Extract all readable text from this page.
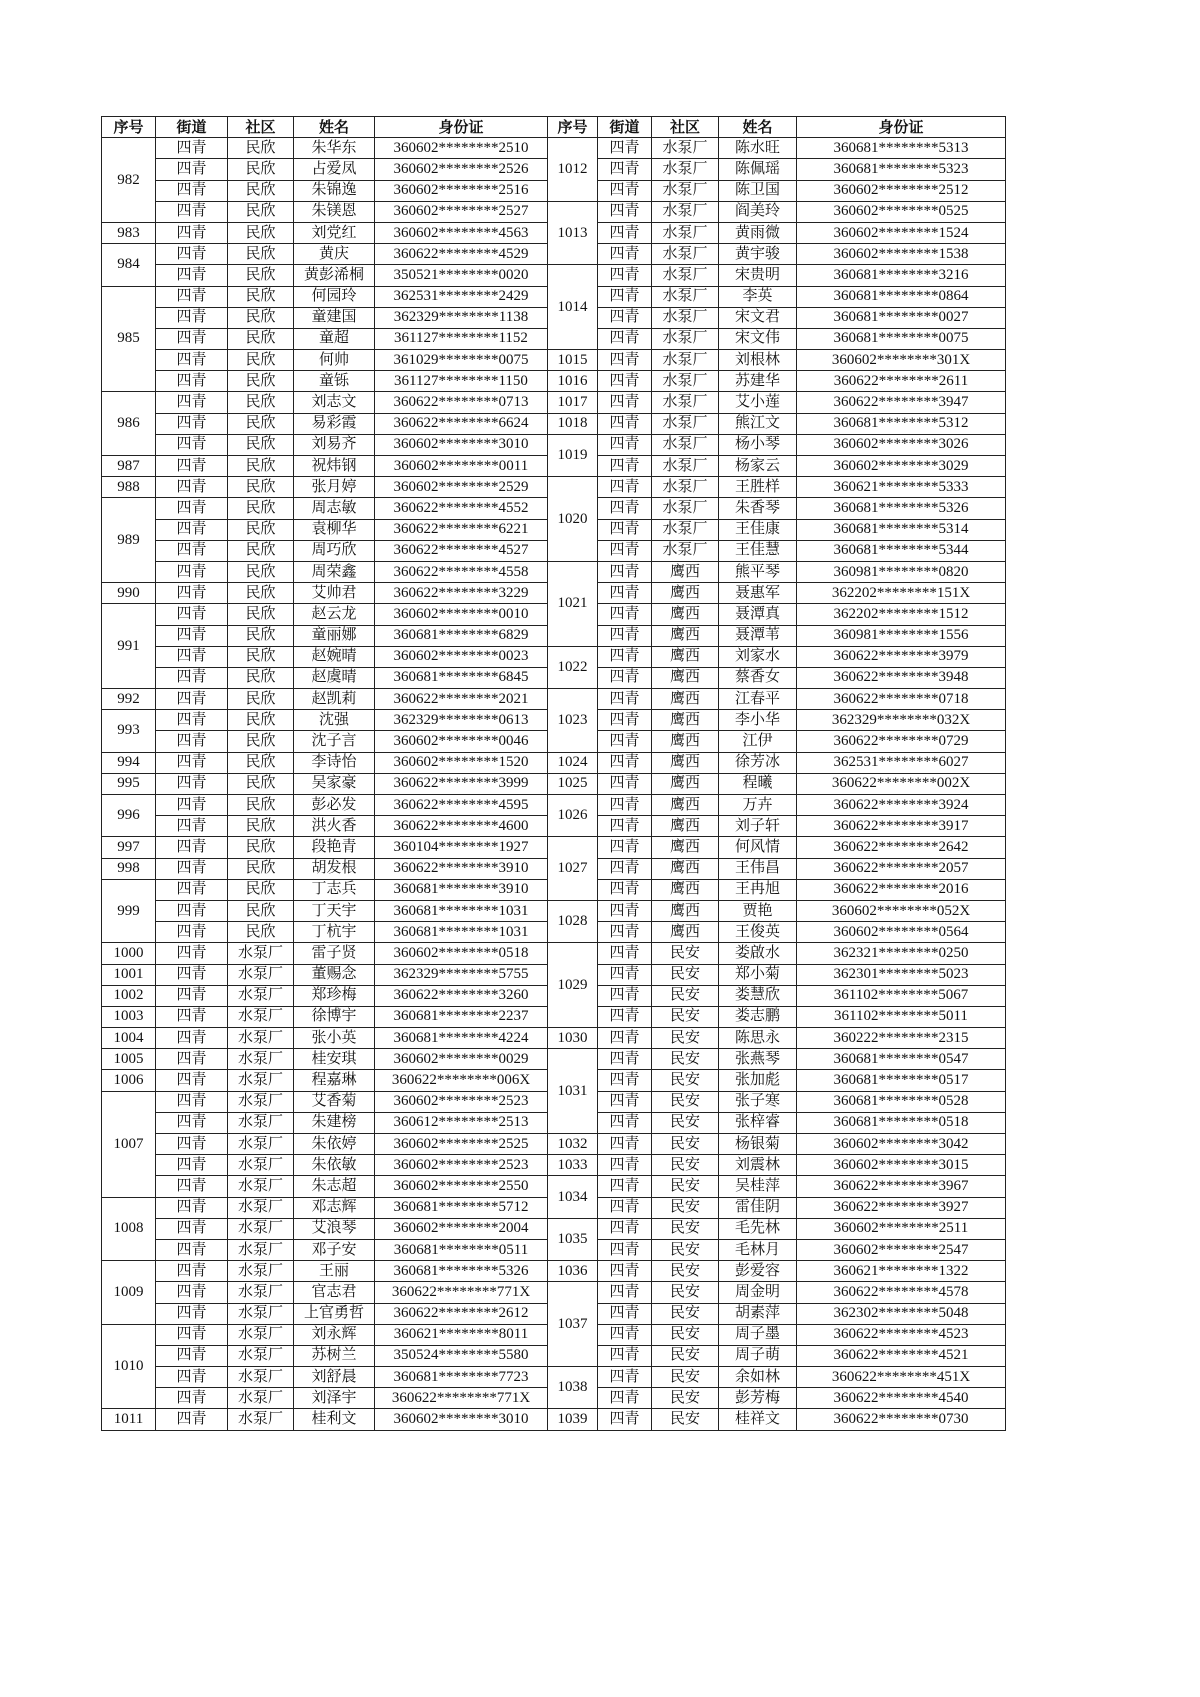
序号	街道	社区	姓名	身份证	序号	街道	社区	姓名	身份证
982	四青	民欣	朱华东	360602********2510	1012	四青	水泵厂	陈水旺	360681********5313
	四青	民欣	占爱凤	360602********2526		四青	水泵厂	陈佩瑶	360681********5323
	四青	民欣	朱锦逸	360602********2516		四青	水泵厂	陈卫国	360602********2512
	四青	民欣	朱镁恩	360602********2527	1013	四青	水泵厂	阎美玲	360602********0525
983	四青	民欣	刘党红	360602********4563		四青	水泵厂	黄雨微	360602********1524
984	四青	民欣	黄庆	360622********4529		四青	水泵厂	黄宇骏	360602********1538
	四青	民欣	黄彭浠桐	350521********0020	1014	四青	水泵厂	宋贵明	360681********3216
985	四青	民欣	何园玲	362531********2429		四青	水泵厂	李英	360681********0864
	四青	民欣	童建国	362329********1138		四青	水泵厂	宋文君	360681********0027
	四青	民欣	童超	361127********1152		四青	水泵厂	宋文伟	360681********0075
	四青	民欣	何帅	361029********0075	1015	四青	水泵厂	刘根林	360602********301X
	四青	民欣	童铄	361127********1150	1016	四青	水泵厂	苏建华	360622********2611
986	四青	民欣	刘志文	360622********0713	1017	四青	水泵厂	艾小莲	360622********3947
	四青	民欣	易彩霞	360622********6624	1018	四青	水泵厂	熊江文	360681********5312
	四青	民欣	刘易齐	360602********3010	1019	四青	水泵厂	杨小琴	360602********3026
987	四青	民欣	祝炜钢	360602********0011		四青	水泵厂	杨家云	360602********3029
988	四青	民欣	张月婷	360602********2529	1020	四青	水泵厂	王胜样	360621********5333
989	四青	民欣	周志敏	360622********4552		四青	水泵厂	朱香琴	360681********5326
	四青	民欣	袁柳华	360622********6221		四青	水泵厂	王佳康	360681********5314
	四青	民欣	周巧欣	360622********4527		四青	水泵厂	王佳慧	360681********5344
	四青	民欣	周荣鑫	360622********4558	1021	四青	鹰西	熊平琴	360981********0820
990	四青	民欣	艾帅君	360622********3229		四青	鹰西	聂惠军	362202********151X
991	四青	民欣	赵云龙	360602********0010		四青	鹰西	聂潭真	362202********1512
	四青	民欣	童丽娜	360681********6829		四青	鹰西	聂潭苇	360981********1556
	四青	民欣	赵婉晴	360602********0023	1022	四青	鹰西	刘家水	360622********3979
	四青	民欣	赵虞晴	360681********6845		四青	鹰西	蔡香女	360622********3948
992	四青	民欣	赵凯莉	360622********2021	1023	四青	鹰西	江春平	360622********0718
993	四青	民欣	沈强	362329********0613		四青	鹰西	李小华	362329********032X
	四青	民欣	沈子言	360602********0046		四青	鹰西	江伊	360622********0729
994	四青	民欣	李诗怡	360602********1520	1024	四青	鹰西	徐芳冰	362531********6027
995	四青	民欣	吴家豪	360622********3999	1025	四青	鹰西	程曦	360622********002X
996	四青	民欣	彭必发	360622********4595	1026	四青	鹰西	万卉	360622********3924
	四青	民欣	洪火香	360622********4600		四青	鹰西	刘子轩	360622********3917
997	四青	民欣	段艳青	360104********1927	1027	四青	鹰西	何风情	360622********2642
998	四青	民欣	胡发根	360622********3910		四青	鹰西	王伟昌	360622********2057
999	四青	民欣	丁志兵	360681********3910		四青	鹰西	王冉旭	360622********2016
	四青	民欣	丁天宇	360681********1031	1028	四青	鹰西	贾艳	360602********052X
	四青	民欣	丁杭宇	360681********1031		四青	鹰西	王俊英	360602********0564
1000	四青	水泵厂	雷子贤	360602********0518	1029	四青	民安	娄啟水	362321********0250
1001	四青	水泵厂	董赐念	362329********5755		四青	民安	郑小菊	362301********5023
1002	四青	水泵厂	郑珍梅	360622********3260		四青	民安	娄慧欣	361102********5067
1003	四青	水泵厂	徐博宇	360681********2237		四青	民安	娄志鹏	361102********5011
1004	四青	水泵厂	张小英	360681********4224	1030	四青	民安	陈思永	360222********2315
1005	四青	水泵厂	桂安琪	360602********0029	1031	四青	民安	张燕琴	360681********0547
1006	四青	水泵厂	程嘉琳	360622********006X		四青	民安	张加彪	360681********0517
1007	四青	水泵厂	艾香菊	360602********2523		四青	民安	张子寒	360681********0528
	四青	水泵厂	朱建榜	360612********2513		四青	民安	张梓睿	360681********0518
	四青	水泵厂	朱依婷	360602********2525	1032	四青	民安	杨银菊	360602********3042
	四青	水泵厂	朱依敏	360602********2523	1033	四青	民安	刘震林	360602********3015
	四青	水泵厂	朱志超	360602********2550	1034	四青	民安	吴桂萍	360622********3967
1008	四青	水泵厂	邓志辉	360681********5712		四青	民安	雷佳阴	360622********3927
	四青	水泵厂	艾浪琴	360602********2004	1035	四青	民安	毛先林	360602********2511
	四青	水泵厂	邓子安	360681********0511		四青	民安	毛林月	360602********2547
1009	四青	水泵厂	王丽	360681********5326	1036	四青	民安	彭爱容	360621********1322
	四青	水泵厂	官志君	360622********771X	1037	四青	民安	周金明	360622********4578
	四青	水泵厂	上官勇哲	360622********2612		四青	民安	胡素萍	362302********5048
1010	四青	水泵厂	刘永辉	360621********8011		四青	民安	周子墨	360622********4523
	四青	水泵厂	苏树兰	350524********5580		四青	民安	周子萌	360622********4521
	四青	水泵厂	刘舒晨	360681********7723	1038	四青	民安	余如林	360622********451X
	四青	水泵厂	刘泽宇	360622********771X		四青	民安	彭芳梅	360622********4540
1011	四青	水泵厂	桂利文	360602********3010	1039	四青	民安	桂祥文	360622********0730
